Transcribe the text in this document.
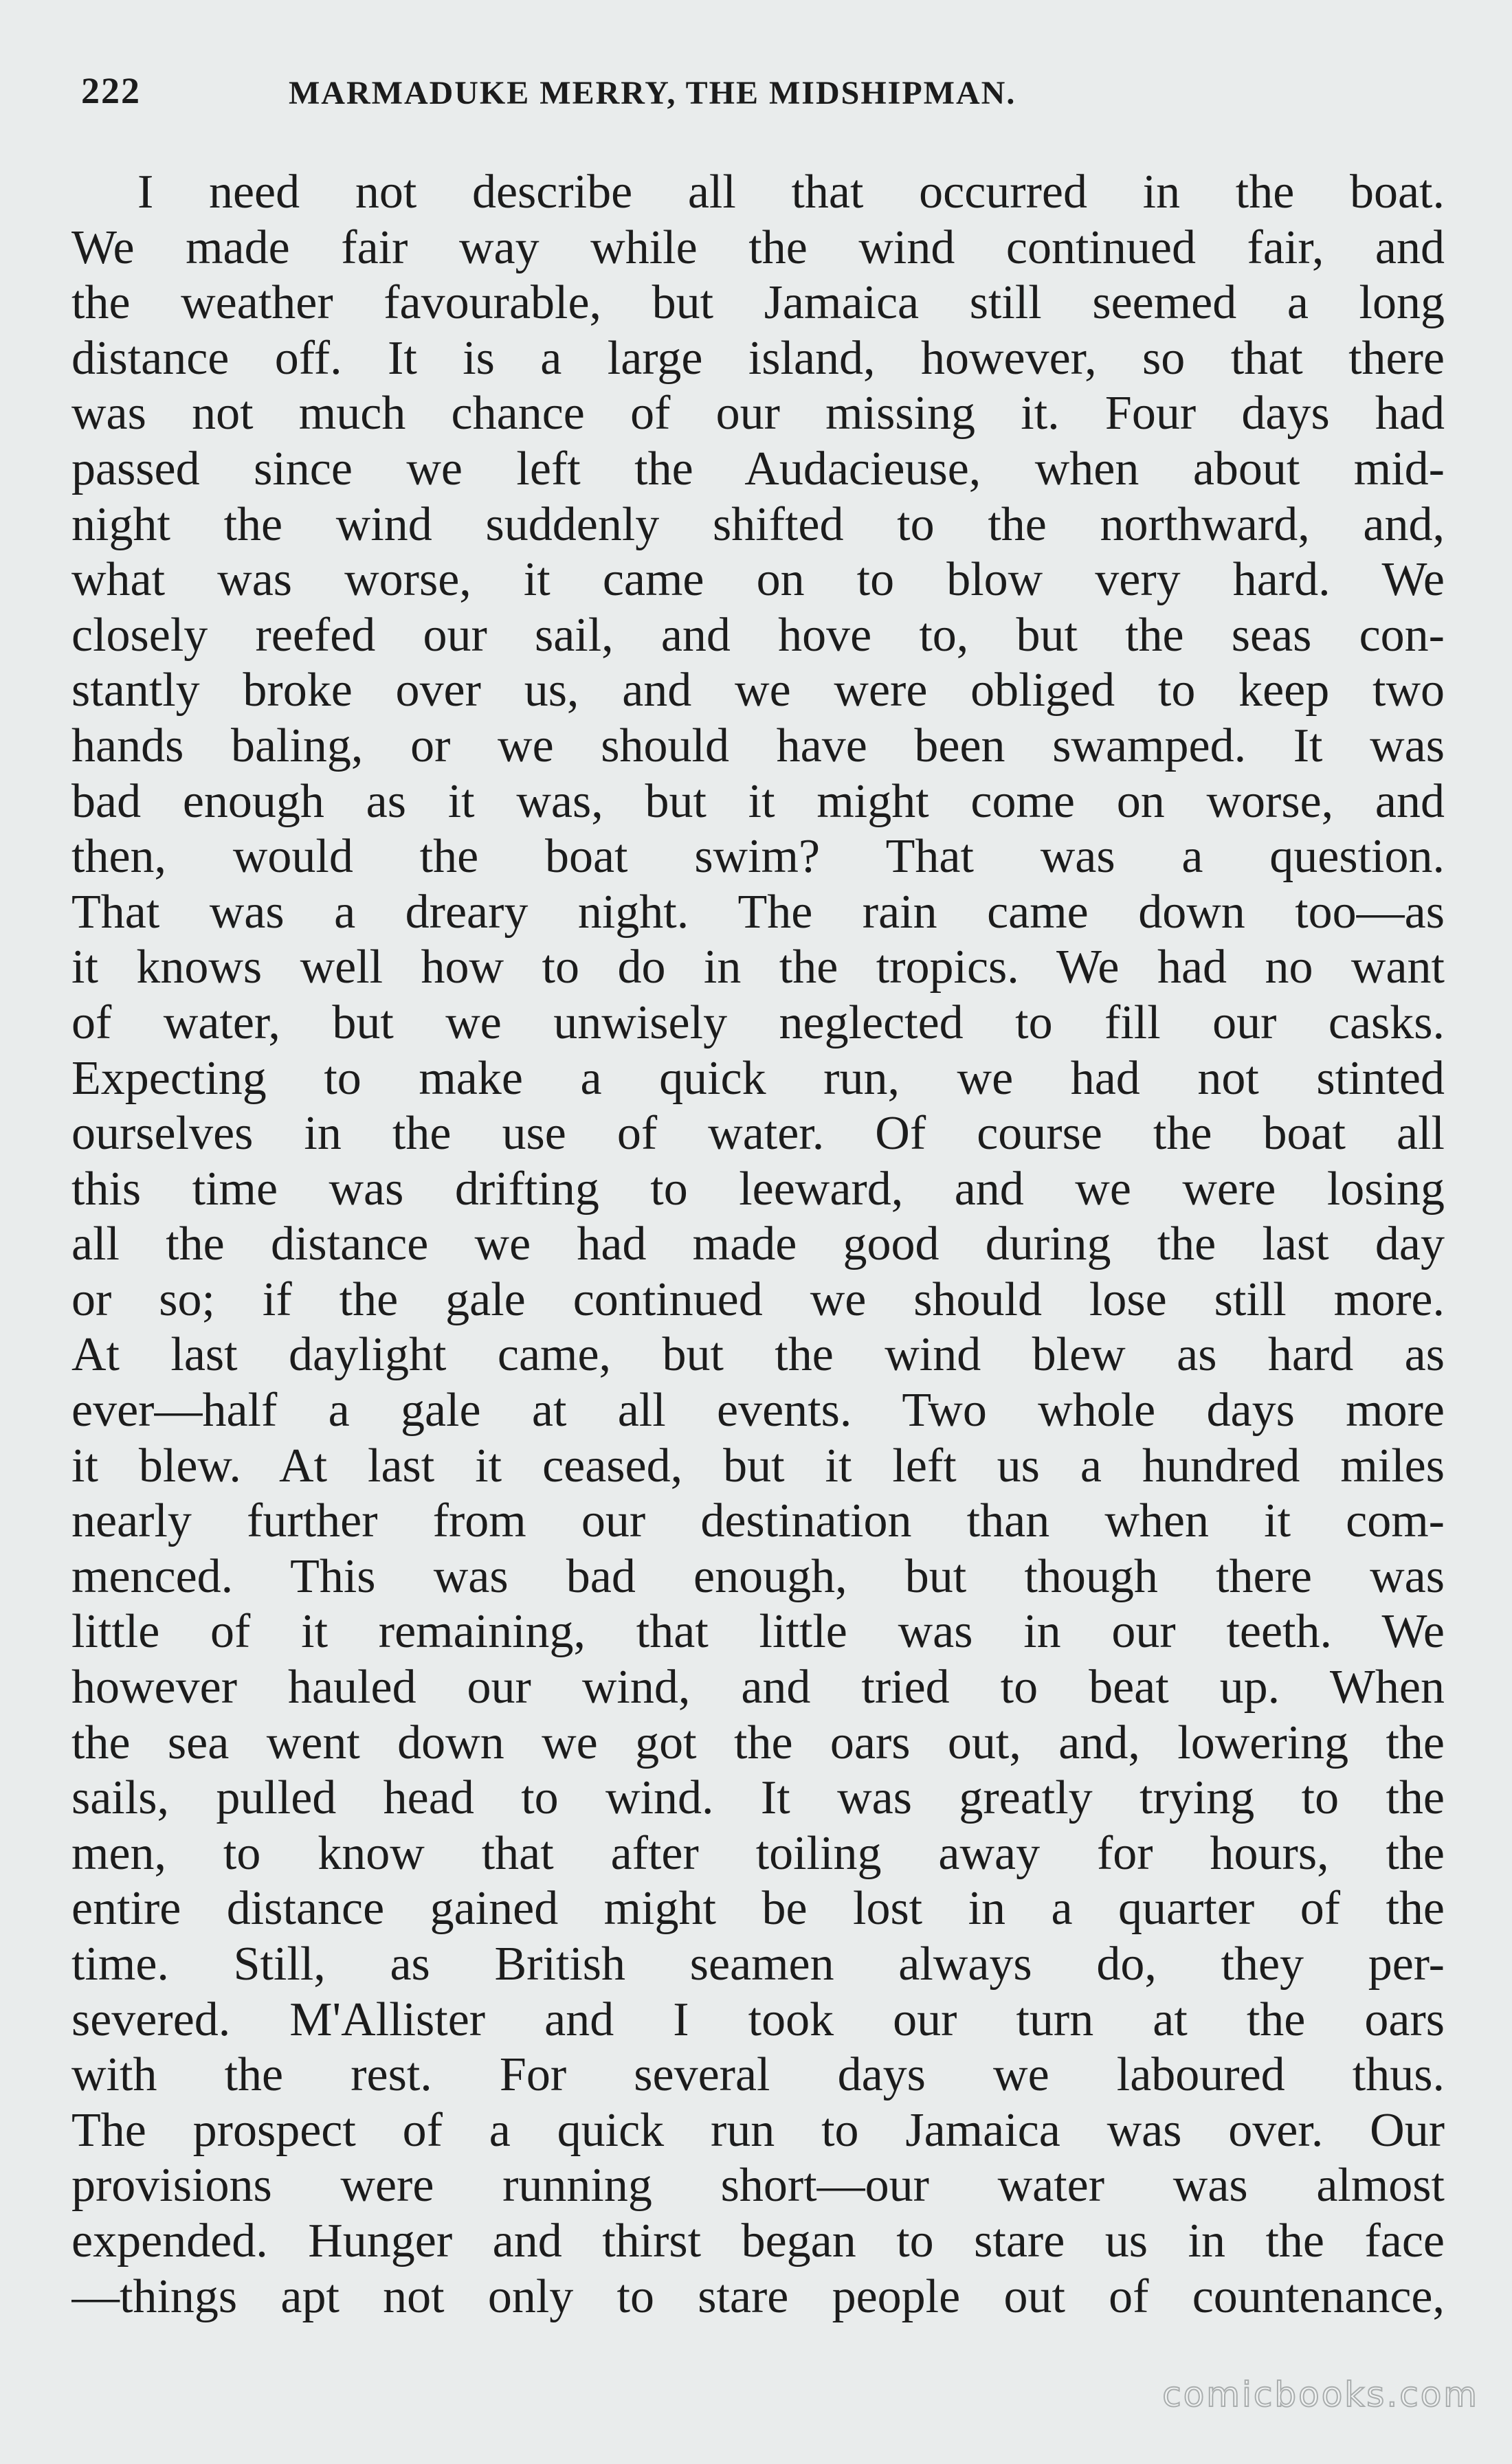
222	MARMADUKE MERRY, THE MIDSHIPMAN.

I need not describe all that occurred in the boat.
We made fair way while the wind continued fair, and
the weather favourable, but Jamaica still seemed a long
distance off. It is a large island, however, so that there
was not much chance of our missing it. Four days had
passed since we left the Audacieuse, when about mid-
night the wind suddenly shifted to the northward, and,
what was worse, it came on to blow very hard. We
closely reefed our sail, and hove to, but the seas con-
stantly broke over us, and we were obliged to keep two
hands baling, or we should have been swamped. It was
bad enough as it was, but it might come on worse, and
then, would the boat swim? That was a question.
That was a dreary night. The rain came down too—as
it knows well how to do in the tropics. We had no want
of water, but we unwisely neglected to fill our casks.
Expecting to make a quick run, we had not stinted
ourselves in the use of water. Of course the boat all
this time was drifting to leeward, and we were losing
all the distance we had made good during the last day
or so; if the gale continued we should lose still more.
At last daylight came, but the wind blew as hard as
ever—half a gale at all events. Two whole days more
it blew. At last it ceased, but it left us a hundred miles
nearly further from our destination than when it com-
menced. This was bad enough, but though there was
little of it remaining, that little was in our teeth. We
however hauled our wind, and tried to beat up. When
the sea went down we got the oars out, and, lowering the
sails, pulled head to wind. It was greatly trying to the
men, to know that after toiling away for hours, the
entire distance gained might be lost in a quarter of the
time. Still, as British seamen always do, they per-
severed. M'Allister and I took our turn at the oars
with the rest. For several days we laboured thus.
The prospect of a quick run to Jamaica was over. Our
provisions were running short—our water was almost
expended. Hunger and thirst began to stare us in the face
—things apt not only to stare people out of countenance,

comicbooks.com
